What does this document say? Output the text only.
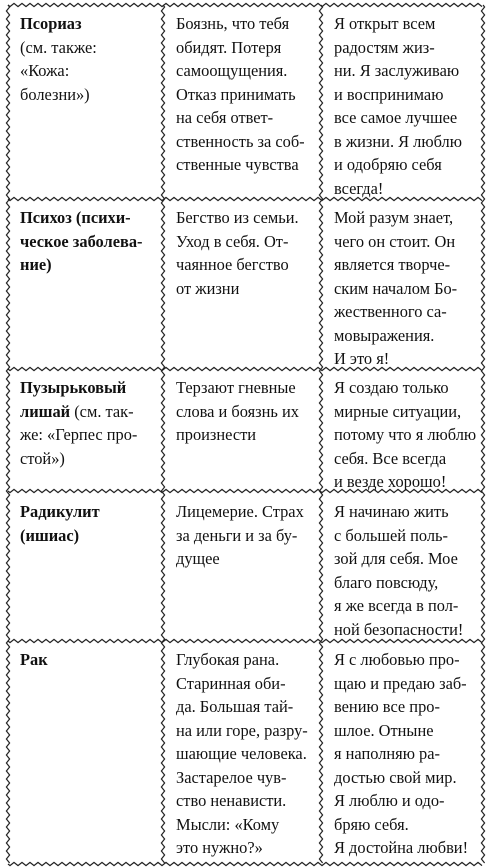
Псориаз
(см. также:
«Кожа:
болезни»)
Боязнь, что тебя
обидят. Потеря
самоощущения.
Отказ принимать
на себя ответ-
ственность за соб-
ственные чувства
Я открыт всем
радостям жиз-
ни. Я заслуживаю
и воспринимаю
все самое лучшее
в жизни. Я люблю
и одобряю себя
всегда!
Психоз (психи-
ческое заболева-
ние)
Бегство из семьи.
Уход в себя. От-
чаянное бегство
от жизни
Мой разум знает,
чего он стоит. Он
является творче-
ским началом Бо-
жественного са-
мовыражения.
И это я!
Пузырьковый
лишай (см. так-
же: «Герпес про-
стой»)
Терзают гневные
слова и боязнь их
произнести
Я создаю только
мирные ситуации,
потому что я люблю
себя. Все всегда
и везде хорошо!
Радикулит
(ишиас)
Лицемерие. Страх
за деньги и за бу-
дущее
Я начинаю жить
с большей поль-
зой для себя. Мое
благо повсюду,
я же всегда в пол-
ной безопасности!
Рак	Глубокая рана.
Старинная оби-
да. Большая тай-
на или горе, разру-
шающие человека.
Застарелое чув-
ство ненависти.
Мысли: «Кому
это нужно?»
Я с любовью про-
щаю и предаю заб-
вению все про-
шлое. Отныне
я наполняю ра-
достью свой мир.
Я люблю и одо-
бряю себя.
Я достойна любви!
